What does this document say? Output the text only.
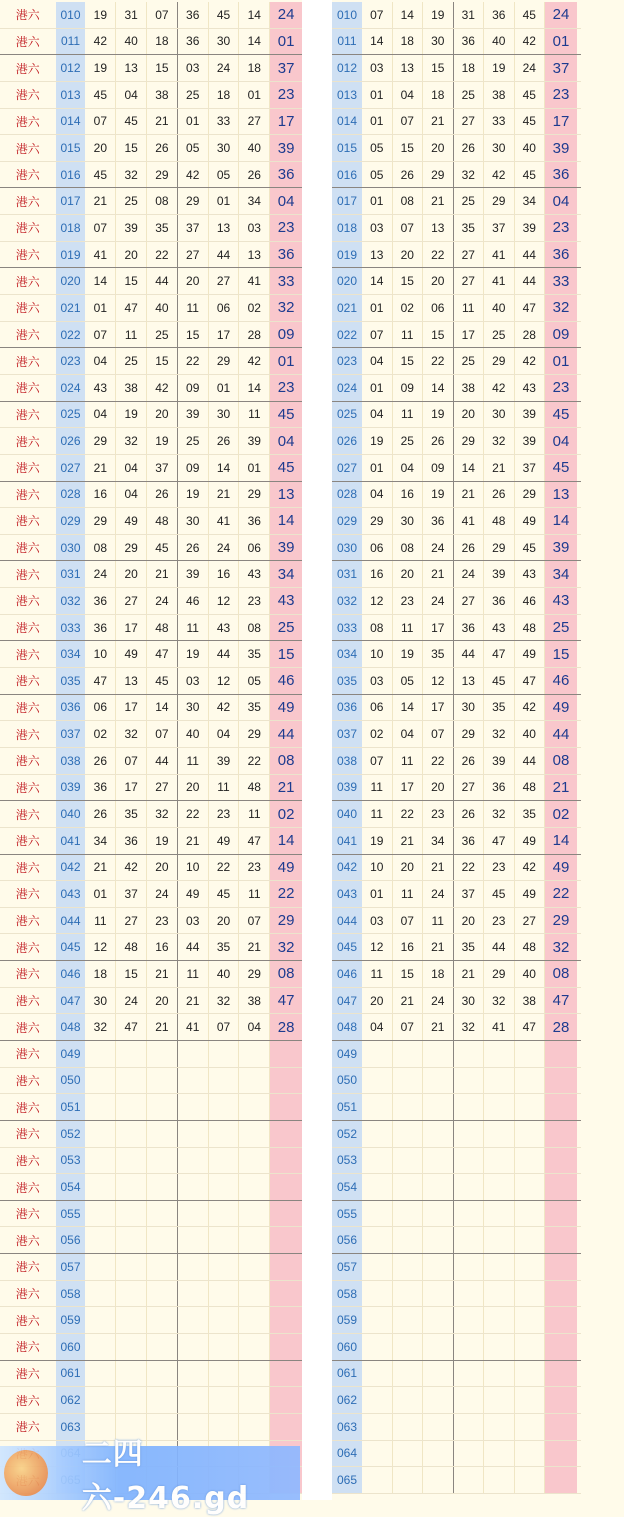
港六	010	19	31	07	36	45	14	24
港六	011	42	40	18	36	30	14	01
港六	012	19	13	15	03	24	18	37
港六	013	45	04	38	25	18	01	23
港六	014	07	45	21	01	33	27	17
港六	015	20	15	26	05	30	40	39
港六	016	45	32	29	42	05	26	36
港六	017	21	25	08	29	01	34	04
港六	018	07	39	35	37	13	03	23
港六	019	41	20	22	27	44	13	36
港六	020	14	15	44	20	27	41	33
港六	021	01	47	40	11	06	02	32
港六	022	07	11	25	15	17	28	09
港六	023	04	25	15	22	29	42	01
港六	024	43	38	42	09	01	14	23
港六	025	04	19	20	39	30	11	45
港六	026	29	32	19	25	26	39	04
港六	027	21	04	37	09	14	01	45
港六	028	16	04	26	19	21	29	13
港六	029	29	49	48	30	41	36	14
港六	030	08	29	45	26	24	06	39
港六	031	24	20	21	39	16	43	34
港六	032	36	27	24	46	12	23	43
港六	033	36	17	48	11	43	08	25
港六	034	10	49	47	19	44	35	15
港六	035	47	13	45	03	12	05	46
港六	036	06	17	14	30	42	35	49
港六	037	02	32	07	40	04	29	44
港六	038	26	07	44	11	39	22	08
港六	039	36	17	27	20	11	48	21
港六	040	26	35	32	22	23	11	02
港六	041	34	36	19	21	49	47	14
港六	042	21	42	20	10	22	23	49
港六	043	01	37	24	49	45	11	22
港六	044	11	27	23	03	20	07	29
港六	045	12	48	16	44	35	21	32
港六	046	18	15	21	11	40	29	08
港六	047	30	24	20	21	32	38	47
港六	048	32	47	21	41	07	04	28
港六	049
港六	050
港六	051
港六	052
港六	053
港六	054
港六	055
港六	056
港六	057
港六	058
港六	059
港六	060
港六	061
港六	062
港六	063
010	07	14	19	31	36	45	24
011	14	18	30	36	40	42	01
012	03	13	15	18	19	24	37
013	01	04	18	25	38	45	23
014	01	07	21	27	33	45	17
015	05	15	20	26	30	40	39
016	05	26	29	32	42	45	36
017	01	08	21	25	29	34	04
018	03	07	13	35	37	39	23
019	13	20	22	27	41	44	36
020	14	15	20	27	41	44	33
021	01	02	06	11	40	47	32
022	07	11	15	17	25	28	09
023	04	15	22	25	29	42	01
024	01	09	14	38	42	43	23
025	04	11	19	20	30	39	45
026	19	25	26	29	32	39	04
027	01	04	09	14	21	37	45
028	04	16	19	21	26	29	13
029	29	30	36	41	48	49	14
030	06	08	24	26	29	45	39
031	16	20	21	24	39	43	34
032	12	23	24	27	36	46	43
033	08	11	17	36	43	48	25
034	10	19	35	44	47	49	15
035	03	05	12	13	45	47	46
036	06	14	17	30	35	42	49
037	02	04	07	29	32	40	44
038	07	11	22	26	39	44	08
039	11	17	20	27	36	48	21
040	11	22	23	26	32	35	02
041	19	21	34	36	47	49	14
042	10	20	21	22	23	42	49
043	01	11	24	37	45	49	22
044	03	07	11	20	23	27	29
045	12	16	21	35	44	48	32
046	11	15	18	21	29	40	08
047	20	21	24	30	32	38	47
048	04	07	21	32	41	47	28
049
050
051
052
053
054
055
056
057
058
059
060
061
062
063
064
065
二四六-246.gd
